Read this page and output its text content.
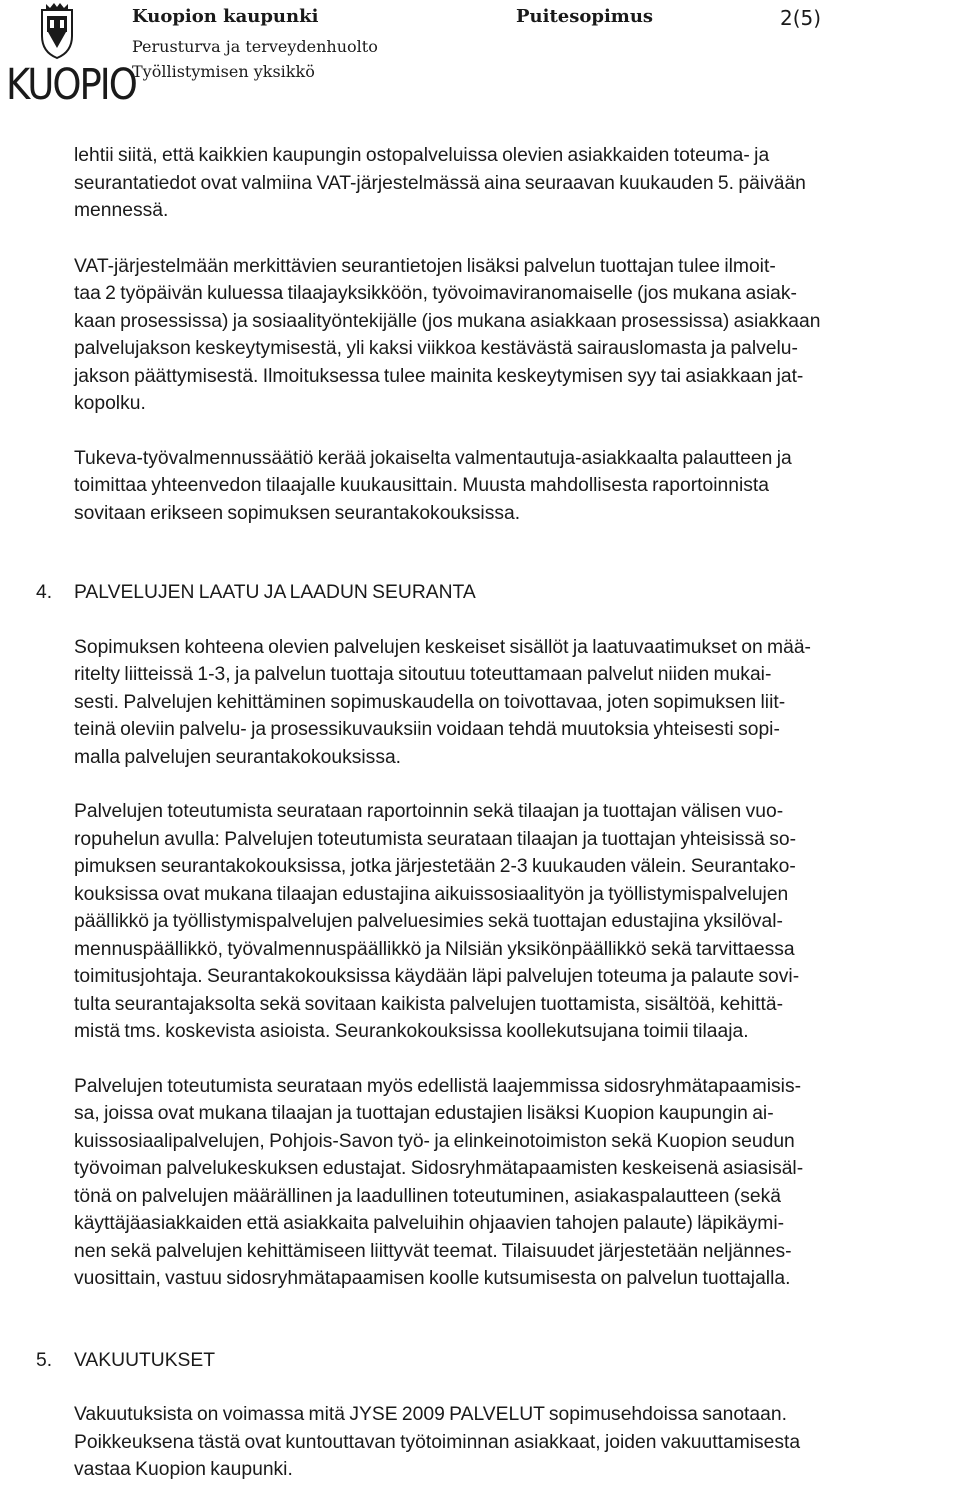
KUOPIO
Kuopion kaupunki
Perusturva ja terveydenhuolto
Työllistymisen yksikkö
Puitesopimus	2(5)

lehtii siitä, että kaikkien kaupungin ostopalveluissa olevien asiakkaiden toteuma- ja
seurantatiedot ovat valmiina VAT-järjestelmässä aina seuraavan kuukauden 5. päivään
mennessä.

VAT-järjestelmään merkittävien seurantietojen lisäksi palvelun tuottajan tulee ilmoit-
taa 2 työpäivän kuluessa tilaajayksikköön, työvoimaviranomaiselle (jos mukana asiak-
kaan prosessissa) ja sosiaalityöntekijälle (jos mukana asiakkaan prosessissa) asiakkaan
palvelujakson keskeytymisestä, yli kaksi viikkoa kestävästä sairauslomasta ja palvelu-
jakson päättymisestä. Ilmoituksessa tulee mainita keskeytymisen syy tai asiakkaan jat-
kopolku.

Tukeva-työvalmennussäätiö kerää jokaiselta valmentautuja-asiakkaalta palautteen ja
toimittaa yhteenvedon tilaajalle kuukausittain. Muusta mahdollisesta raportoinnista
sovitaan erikseen sopimuksen seurantakokouksissa.

4. PALVELUJEN LAATU JA LAADUN SEURANTA

Sopimuksen kohteena olevien palvelujen keskeiset sisällöt ja laatuvaatimukset on mää-
ritelty liitteissä 1-3, ja palvelun tuottaja sitoutuu toteuttamaan palvelut niiden mukai-
sesti. Palvelujen kehittäminen sopimuskaudella on toivottavaa, joten sopimuksen liit-
teinä oleviin palvelu- ja prosessikuvauksiin voidaan tehdä muutoksia yhteisesti sopi-
malla palvelujen seurantakokouksissa.

Palvelujen toteutumista seurataan raportoinnin sekä tilaajan ja tuottajan välisen vuo-
ropuhelun avulla: Palvelujen toteutumista seurataan tilaajan ja tuottajan yhteisissä so-
pimuksen seurantakokouksissa, jotka järjestetään 2-3 kuukauden välein. Seurantako-
kouksissa ovat mukana tilaajan edustajina aikuissosiaalityön ja työllistymispalvelujen
päällikkö ja työllistymispalvelujen palveluesimies sekä tuottajan edustajina yksilöval-
mennuspäällikkö, työvalmennuspäällikkö ja Nilsiän yksikönpäällikkö sekä tarvittaessa
toimitusjohtaja. Seurantakokouksissa käydään läpi palvelujen toteuma ja palaute sovi-
tulta seurantajaksolta sekä sovitaan kaikista palvelujen tuottamista, sisältöä, kehittä-
mistä tms. koskevista asioista. Seurankokouksissa koollekutsujana toimii tilaaja.

Palvelujen toteutumista seurataan myös edellistä laajemmissa sidosryhmätapaamisis-
sa, joissa ovat mukana tilaajan ja tuottajan edustajien lisäksi Kuopion kaupungin ai-
kuissosiaalipalvelujen, Pohjois-Savon työ- ja elinkeinotoimiston sekä Kuopion seudun
työvoiman palvelukeskuksen edustajat. Sidosryhmätapaamisten keskeisenä asiasisäl-
tönä on palvelujen määrällinen ja laadullinen toteutuminen, asiakaspalautteen (sekä
käyttäjäasiakkaiden että asiakkaita palveluihin ohjaavien tahojen palaute) läpikäymi-
nen sekä palvelujen kehittämiseen liittyvät teemat. Tilaisuudet järjestetään neljännes-
vuosittain, vastuu sidosryhmätapaamisen koolle kutsumisesta on palvelun tuottajalla.

5. VAKUUTUKSET

Vakuutuksista on voimassa mitä JYSE 2009 PALVELUT sopimusehdoissa sanotaan.
Poikkeuksena tästä ovat kuntouttavan työtoiminnan asiakkaat, joiden vakuuttamisesta
vastaa Kuopion kaupunki.
